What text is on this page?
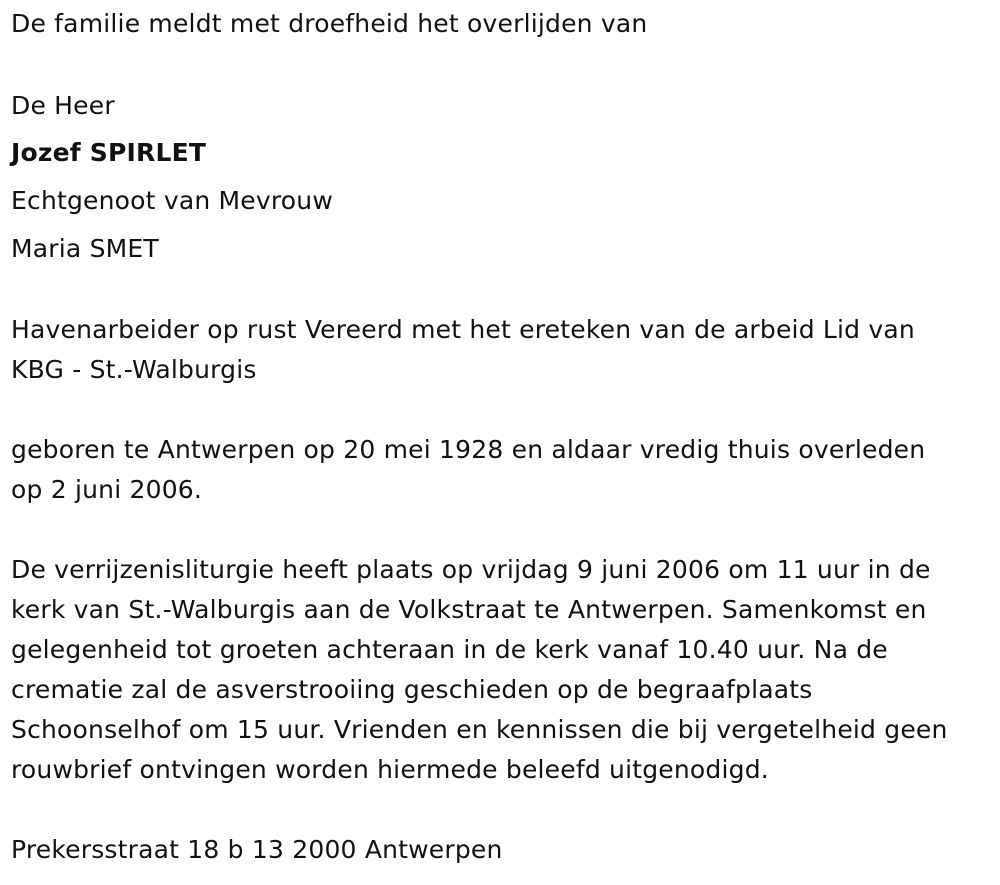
De familie meldt met droefheid het overlijden van
De Heer
Jozef SPIRLET
Echtgenoot van Mevrouw
Maria SMET
Havenarbeider op rust Vereerd met het ereteken van de arbeid Lid van
KBG - St.-Walburgis
geboren te Antwerpen op 20 mei 1928 en aldaar vredig thuis overleden
op 2 juni 2006.
De verrijzenisliturgie heeft plaats op vrijdag 9 juni 2006 om 11 uur in de
kerk van St.-Walburgis aan de Volkstraat te Antwerpen. Samenkomst en
gelegenheid tot groeten achteraan in de kerk vanaf 10.40 uur. Na de
crematie zal de asverstrooiing geschieden op de begraafplaats
Schoonselhof om 15 uur. Vrienden en kennissen die bij vergetelheid geen
rouwbrief ontvingen worden hiermede beleefd uitgenodigd.
Prekersstraat 18 b 13 2000 Antwerpen
